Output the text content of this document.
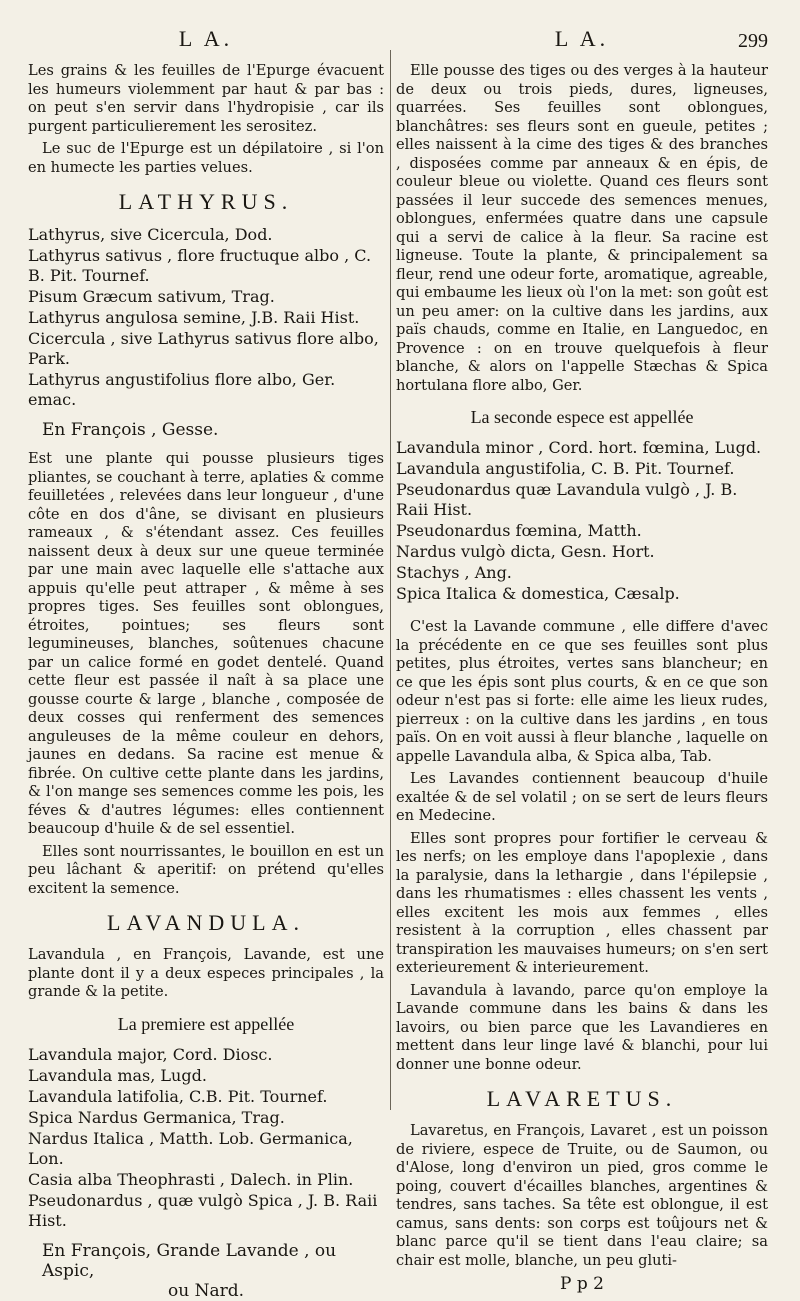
L A.

Les grains & les feuilles de l'Epurge évacuent les humeurs violemment par haut & par bas : on peut s'en servir dans l'hydropisie , car ils purgent particulierement les serositez.

Le suc de l'Epurge est un dépilatoire , si l'on en humecte les parties velues.

LATHYRUS.
Lathyrus, sive Cicercula, Dod.
Lathyrus sativus , flore fructuque albo , C. B. Pit. Tournef.
Pisum Græcum sativum, Trag.
Lathyrus angulosa semine, J.B. Raii Hist.
Cicercula , sive Lathyrus sativus flore albo, Park.
Lathyrus angustifolius flore albo, Ger. emac.
En François , Gesse.

Est une plante qui pousse plusieurs tiges pliantes, se couchant à terre, aplaties & comme feuilletées , relevées dans leur longueur , d'une côte en dos d'âne, se divisant en plusieurs rameaux , & s'étendant assez. Ces feuilles naissent deux à deux sur une queue terminée par une main avec laquelle elle s'attache aux appuis qu'elle peut attraper , & même à ses propres tiges. Ses feuilles sont oblongues, étroites, pointues; ses fleurs sont legumineuses, blanches, soûtenues chacune par un calice formé en godet dentelé. Quand cette fleur est passée il naît à sa place une gousse courte & large , blanche , composée de deux cosses qui renferment des semences anguleuses de la même couleur en dehors, jaunes en dedans. Sa racine est menue & fibrée. On cultive cette plante dans les jardins, & l'on mange ses semences comme les pois, les féves & d'autres légumes: elles contiennent beaucoup d'huile & de sel essentiel.

Elles sont nourrissantes, le bouillon en est un peu lâchant & aperitif: on prétend qu'elles excitent la semence.

LAVANDULA.

Lavandula , en François, Lavande, est une plante dont il y a deux especes principales , la grande & la petite.

La premiere est appellée
Lavandula major, Cord. Diosc.
Lavandula mas, Lugd.
Lavandula latifolia, C.B. Pit. Tournef.
Spica Nardus Germanica, Trag.
Nardus Italica , Matth. Lob. Germanica, Lon.
Casia alba Theophrasti , Dalech. in Plin.
Pseudonardus , quæ vulgò Spica , J. B. Raii Hist.
En François, Grande Lavande , ou Aspic,
ou Nard.
L A.	299

Elle pousse des tiges ou des verges à la hauteur de deux ou trois pieds, dures, ligneuses, quarrées. Ses feuilles sont oblongues, blanchâtres: ses fleurs sont en gueule, petites ; elles naissent à la cime des tiges & des branches , disposées comme par anneaux & en épis, de couleur bleue ou violette. Quand ces fleurs sont passées il leur succede des semences menues, oblongues, enfermées quatre dans une capsule qui a servi de calice à la fleur. Sa racine est ligneuse. Toute la plante, & principalement sa fleur, rend une odeur forte, aromatique, agreable, qui embaume les lieux où l'on la met: son goût est un peu amer: on la cultive dans les jardins, aux païs chauds, comme en Italie, en Languedoc, en Provence : on en trouve quelquefois à fleur blanche, & alors on l'appelle Stæchas & Spica hortulana flore albo, Ger.

La seconde espece est appellée
Lavandula minor , Cord. hort. fœmina, Lugd.
Lavandula angustifolia, C. B. Pit. Tournef.
Pseudonardus quæ Lavandula vulgò , J. B. Raii Hist.
Pseudonardus fœmina, Matth.
Nardus vulgò dicta, Gesn. Hort.
Stachys , Ang.
Spica Italica & domestica, Cæsalp.

C'est la Lavande commune , elle differe d'avec la précédente en ce que ses feuilles sont plus petites, plus étroites, vertes sans blancheur; en ce que les épis sont plus courts, & en ce que son odeur n'est pas si forte: elle aime les lieux rudes, pierreux : on la cultive dans les jardins , en tous païs. On en voit aussi à fleur blanche , laquelle on appelle Lavandula alba, & Spica alba, Tab.

Les Lavandes contiennent beaucoup d'huile exaltée & de sel volatil ; on se sert de leurs fleurs en Medecine.

Elles sont propres pour fortifier le cerveau & les nerfs; on les employe dans l'apoplexie , dans la paralysie, dans la lethargie , dans l'épilepsie , dans les rhumatismes : elles chassent les vents , elles excitent les mois aux femmes , elles resistent à la corruption , elles chassent par transpiration les mauvaises humeurs; on s'en sert exterieurement & interieurement.

Lavandula à lavando, parce qu'on employe la Lavande commune dans les bains & dans les lavoirs, ou bien parce que les Lavandieres en mettent dans leur linge lavé & blanchi, pour lui donner une bonne odeur.

LAVARETUS.

Lavaretus, en François, Lavaret , est un poisson de riviere, espece de Truite, ou de Saumon, ou d'Alose, long d'environ un pied, gros comme le poing, couvert d'écailles blanches, argentines & tendres, sans taches. Sa tête est oblongue, il est camus, sans dents: son corps est toûjours net & blanc parce qu'il se tient dans l'eau claire; sa chair est molle, blanche, un peu gluti-

P p 2
